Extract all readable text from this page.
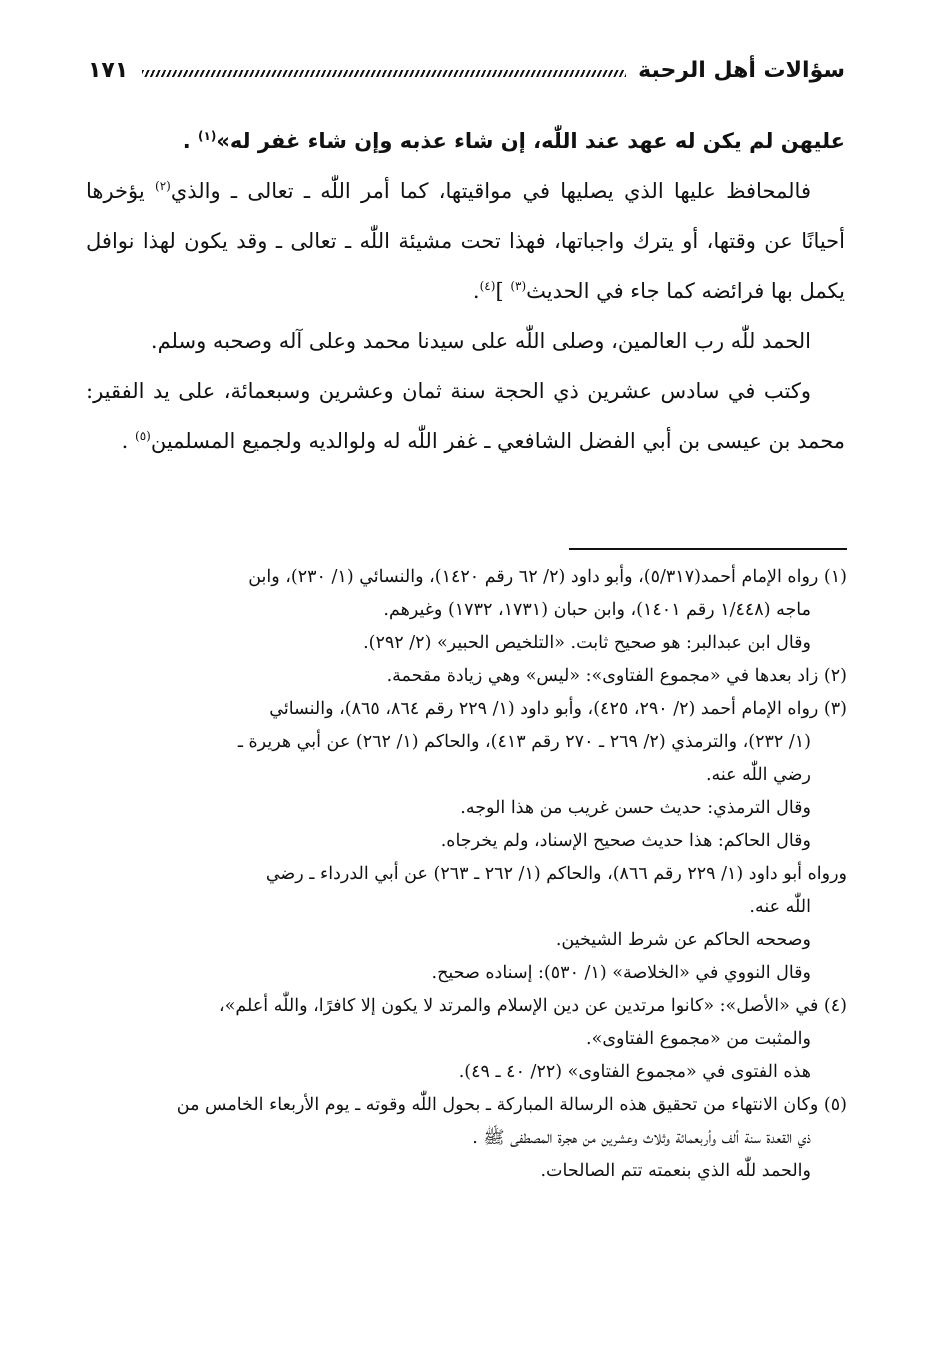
سؤالات أهل الرحبة
١٧١

عليهن لم يكن له عهد عند اللّٰه، إن شاء عذبه وإن شاء غفر له»$^{(١)}$ .

فالمحافظ عليها الذي يصليها في مواقيتها، كما أمر اللّٰه ـ تعالى ـ والذي$^{(٢)}$ يؤخرها أحيانًا عن وقتها، أو يترك واجباتها، فهذا تحت مشيئة اللّٰه ـ تعالى ـ وقد يكون لهذا نوافل يكمل بها فرائضه كما جاء في الحديث$^{(٣)}$ ]$^{(٤)}$.

الحمد للّٰه رب العالمين، وصلى اللّٰه على سيدنا محمد وعلى آله وصحبه وسلم.

وكتب في سادس عشرين ذي الحجة سنة ثمان وعشرين وسبعمائة، على يد الفقير: محمد بن عيسى بن أبي الفضل الشافعي ـ غفر اللّٰه له ولوالديه ولجميع المسلمين$^{(٥)}$ .

(١) رواه الإمام أحمد(٥/٣١٧)، وأبو داود (٢/ ٦٢ رقم ١٤٢٠)، والنسائي (١/ ٢٣٠)، وابن

ماجه (١/٤٤٨ رقم ١٤٠١)، وابن حبان (١٧٣١، ١٧٣٢) وغيرهم.

وقال ابن عبدالبر: هو صحيح ثابت. «التلخيص الحبير» (٢/ ٢٩٢).

(٢) زاد بعدها في «مجموع الفتاوى»: «ليس» وهي زيادة مقحمة.

(٣) رواه الإمام أحمد (٢/ ٢٩٠، ٤٢٥)، وأبو داود (١/ ٢٢٩ رقم ٨٦٤، ٨٦٥)، والنسائي

(١/ ٢٣٢)، والترمذي (٢/ ٢٦٩ ـ ٢٧٠ رقم ٤١٣)، والحاكم (١/ ٢٦٢) عن أبي هريرة ـ

رضي اللّٰه عنه.

وقال الترمذي: حديث حسن غريب من هذا الوجه.

وقال الحاكم: هذا حديث صحيح الإسناد، ولم يخرجاه.

ورواه أبو داود (١/ ٢٢٩ رقم ٨٦٦)، والحاكم (١/ ٢٦٢ ـ ٢٦٣) عن أبي الدرداء ـ رضي

اللّٰه عنه.

وصححه الحاكم عن شرط الشيخين.

وقال النووي في «الخلاصة» (١/ ٥٣٠): إسناده صحيح.

(٤) في «الأصل»: «كانوا مرتدين عن دين الإسلام والمرتد لا يكون إلا كافرًا، واللّٰه أعلم»،

والمثبت من «مجموع الفتاوى».

هذه الفتوى في «مجموع الفتاوى» (٢٢/ ٤٠ ـ ٤٩).

(٥) وكان الانتهاء من تحقيق هذه الرسالة المباركة ـ بحول اللّٰه وقوته ـ يوم الأربعاء الخامس من

ذي القعدة سنة ألف وأربعمائة وثلاث وعشرين من هجرة المصطفى ﷺ .

والحمد للّٰه الذي بنعمته تتم الصالحات.
